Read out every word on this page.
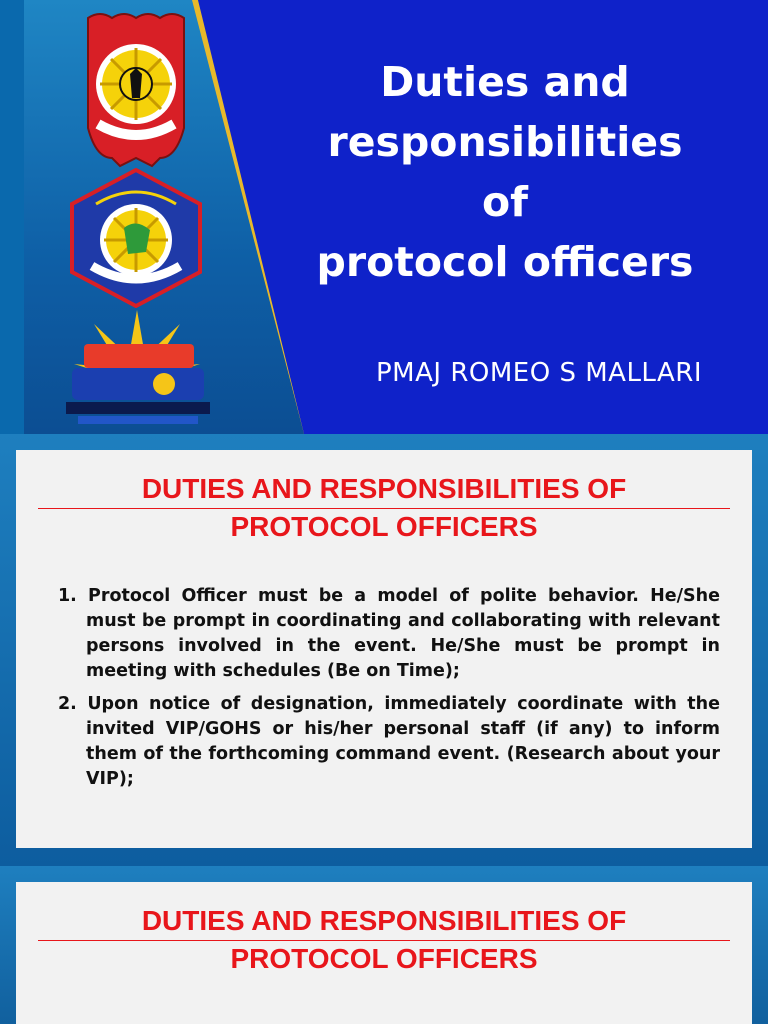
Duties and
responsibilities
of
protocol officers
PMAJ ROMEO S MALLARI
DUTIES AND RESPONSIBILITIES OF
PROTOCOL OFFICERS
1. Protocol Officer must be a model of polite behavior. He/She must be prompt in coordinating and collaborating with relevant persons involved in the event. He/She must be prompt in meeting with schedules (Be on Time);
2. Upon notice of designation, immediately coordinate with the invited VIP/GOHS or his/her personal staff (if any) to inform them of the forthcoming command event. (Research about your VIP);
DUTIES AND RESPONSIBILITIES OF
PROTOCOL OFFICERS
